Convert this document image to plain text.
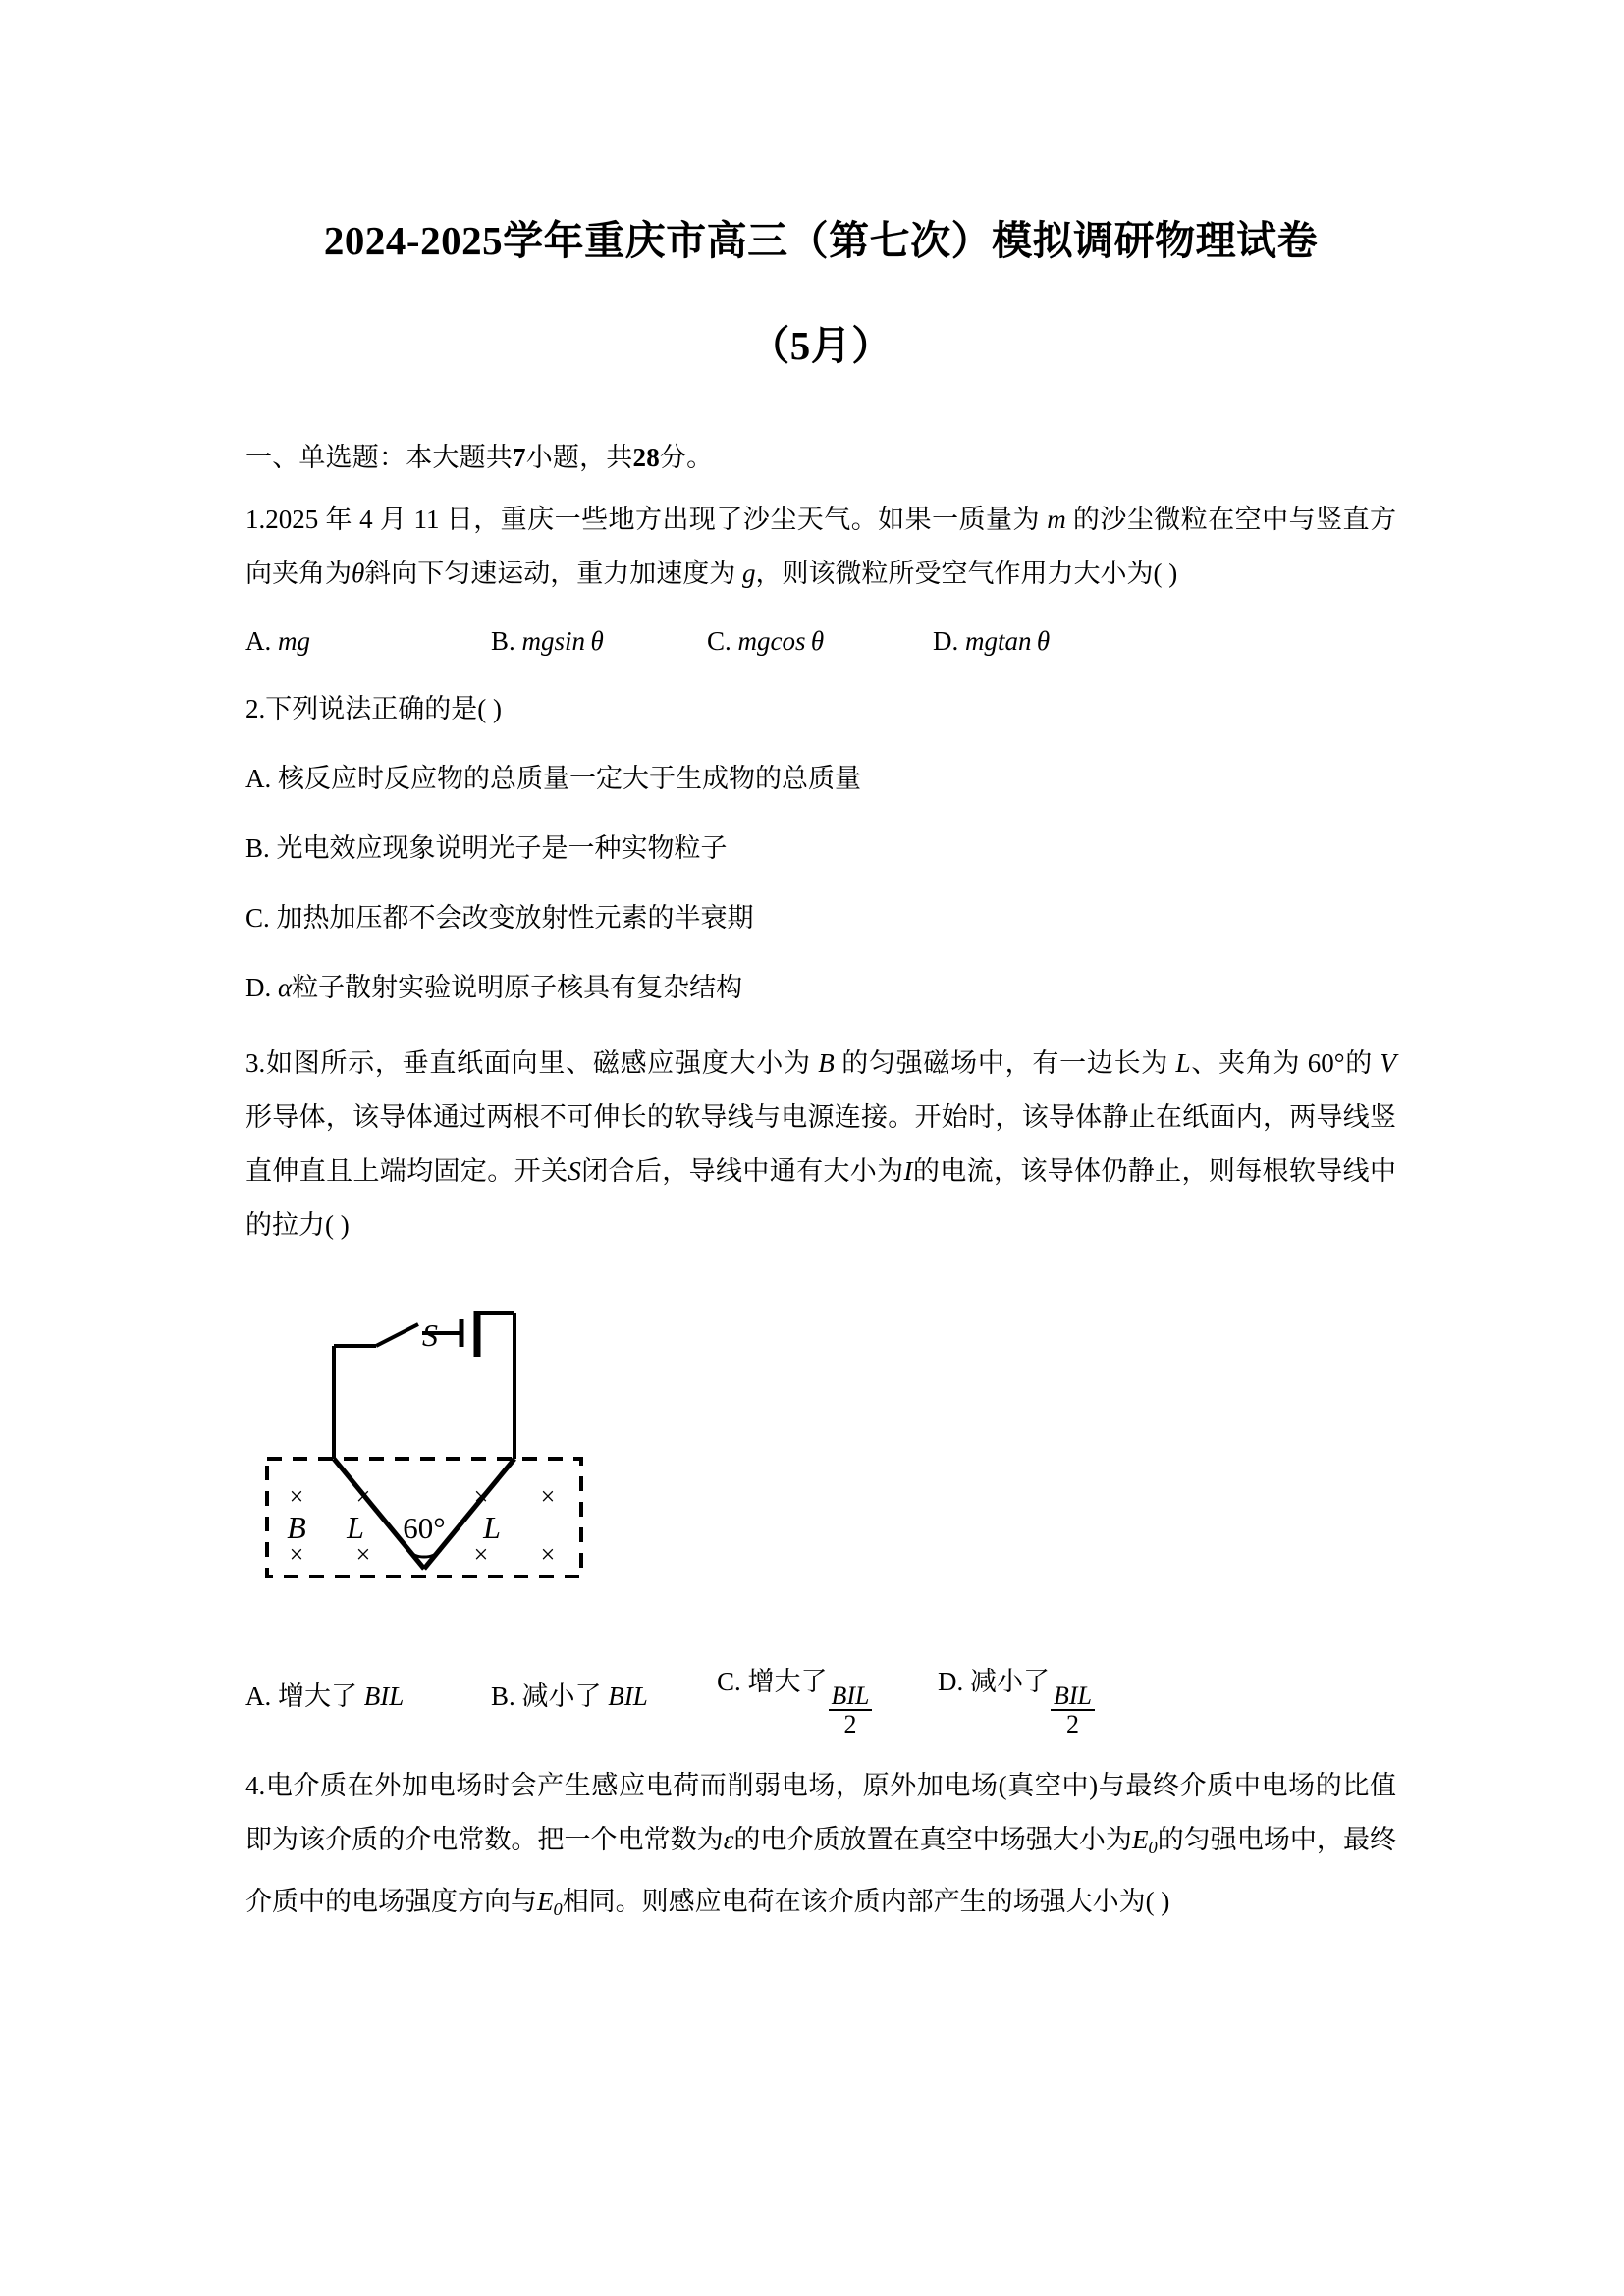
2024-2025学年重庆市高三（第七次）模拟调研物理试卷
（5月）

一、单选题：本大题共7小题，共28分。

1.2025 年 4 月 11 日，重庆一些地方出现了沙尘天气。如果一质量为 m 的沙尘微粒在空中与竖直方向夹角为θ斜向下匀速运动，重力加速度为 g，则该微粒所受空气作用力大小为( )

A. mg	B. mgsin  θ	C. mgcos  θ	D. mgtan  θ

2.下列说法正确的是( )

A. 核反应时反应物的总质量一定大于生成物的总质量

B. 光电效应现象说明光子是一种实物粒子

C. 加热加压都不会改变放射性元素的半衰期

D. α粒子散射实验说明原子核具有复杂结构

3.如图所示，垂直纸面向里、磁感应强度大小为 B 的匀强磁场中，有一边长为 L、夹角为 60°的 V 形导体，该导体通过两根不可伸长的软导线与电源连接。开始时，该导体静止在纸面内，两导线竖直伸直且上端均固定。开关S闭合后，导线中通有大小为I的电流，该导体仍静止，则每根软导线中的拉力( )

× ×	× ×
× ×	× ×
S
B L	L
60°
A. 增大了 BIL	B. 减小了 BIL	C. 增大了
$\frac{\text{BIL}}{2}$
D. 减小了
$\frac{\text{BIL}}{2}$

4.电介质在外加电场时会产生感应电荷而削弱电场，原外加电场(真空中)与最终介质中电场的比值即为该介质的介电常数。把一个电常数为ε的电介质放置在真空中场强大小为$E_0$的匀强电场中，最终介质中的电场强度方向与$E_0$相同。则感应电荷在该介质内部产生的场强大小为( )
